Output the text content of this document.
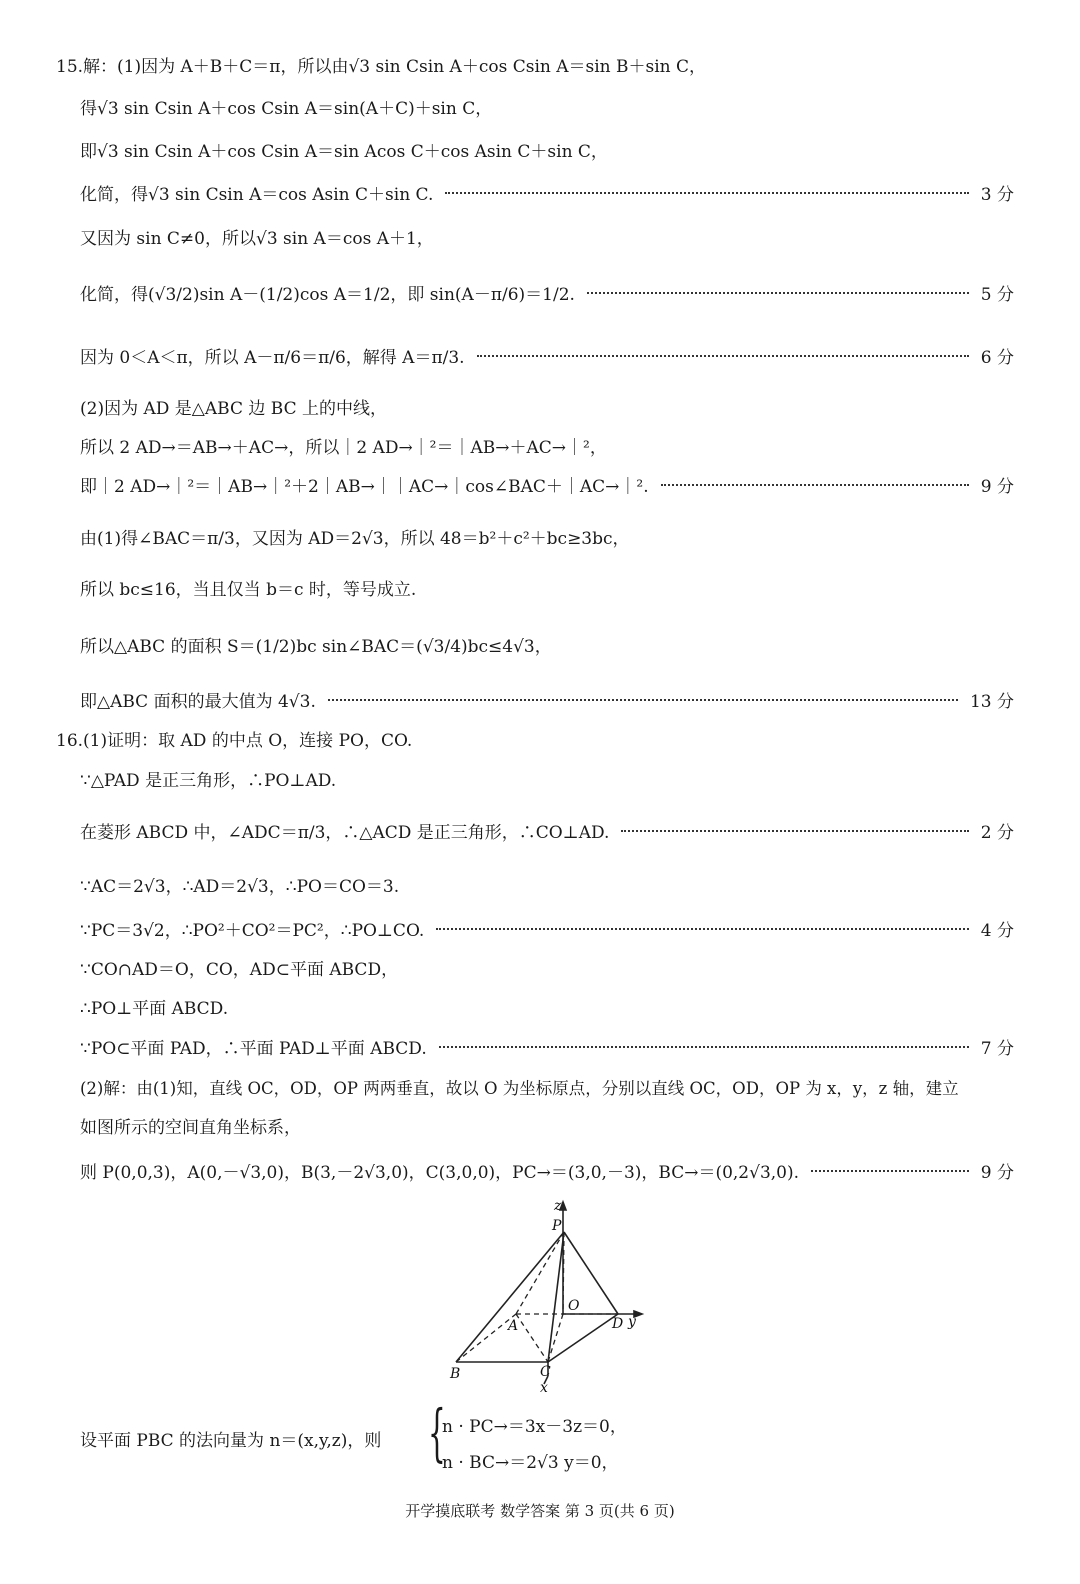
15.解：(1)因为 A＋B＋C＝π，所以由√3 sin Csin A＋cos Csin A＝sin B＋sin C，
得√3 sin Csin A＋cos Csin A＝sin(A＋C)＋sin C，
即√3 sin Csin A＋cos Csin A＝sin Acos C＋cos Asin C＋sin C，
化简，得√3 sin Csin A＝cos Asin C＋sin C.	3 分
又因为 sin C≠0，所以√3 sin A＝cos A＋1，
化简，得(√3/2)sin A－(1/2)cos A＝1/2，即 sin(A－π/6)＝1/2.	5 分
因为 0＜A＜π，所以 A－π/6＝π/6，解得 A＝π/3.	6 分
(2)因为 AD 是△ABC 边 BC 上的中线，
所以 2 AD→＝AB→＋AC→，所以｜2 AD→｜²＝｜AB→＋AC→｜²，
即｜2 AD→｜²＝｜AB→｜²＋2｜AB→｜｜AC→｜cos∠BAC＋｜AC→｜².	9 分
由(1)得∠BAC＝π/3，又因为 AD＝2√3，所以 48＝b²＋c²＋bc≥3bc，
所以 bc≤16，当且仅当 b＝c 时，等号成立.
所以△ABC 的面积 S＝(1/2)bc sin∠BAC＝(√3/4)bc≤4√3，
即△ABC 面积的最大值为 4√3.	13 分
16.(1)证明：取 AD 的中点 O，连接 PO，CO.
∵△PAD 是正三角形，∴PO⊥AD.
在菱形 ABCD 中，∠ADC＝π/3，∴△ACD 是正三角形，∴CO⊥AD.	2 分
∵AC＝2√3，∴AD＝2√3，∴PO＝CO＝3.
∵PC＝3√2，∴PO²＋CO²＝PC²，∴PO⊥CO.	4 分
∵CO∩AD＝O，CO，AD⊂平面 ABCD，
∴PO⊥平面 ABCD.
∵PO⊂平面 PAD，∴平面 PAD⊥平面 ABCD.	7 分
(2)解：由(1)知，直线 OC，OD，OP 两两垂直，故以 O 为坐标原点，分别以直线 OC，OD，OP 为 x，y，z 轴，建立
如图所示的空间直角坐标系，
则 P(0,0,3)，A(0,－√3,0)，B(3,－2√3,0)，C(3,0,0)，PC→＝(3,0,－3)，BC→＝(0,2√3,0).	9 分
z
P
O
A	D y
B	C
x
设平面 PBC 的法向量为 n＝(x,y,z)，则 {
n · PC→＝3x－3z＝0，
n · BC→＝2√3 y＝0，
开学摸底联考 数学答案 第 3 页(共 6 页)
